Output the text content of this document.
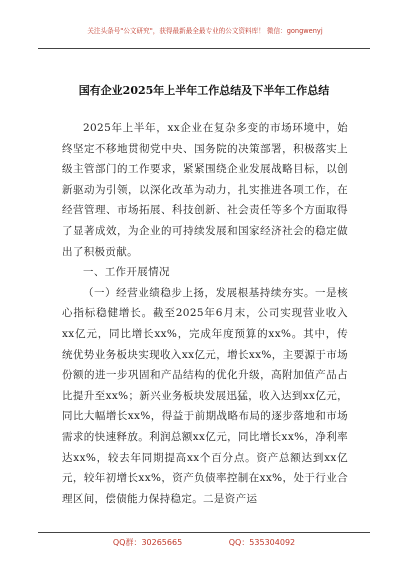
关注头条号"公文研究"，获得最新最全最专业的公文资料库！ 微信：gongwenyj
国有企业2025年上半年工作总结及下半年工作总结

2025年上半年，xx企业在复杂多变的市场环境中，始终坚定不移地贯彻党中央、国务院的决策部署，积极落实上级主管部门的工作要求，紧紧围绕企业发展战略目标，以创新驱动为引领，以深化改革为动力，扎实推进各项工作，在经营管理、市场拓展、科技创新、社会责任等多个方面取得了显著成效，为企业的可持续发展和国家经济社会的稳定做出了积极贡献。

一、工作开展情况

（一）经营业绩稳步上扬，发展根基持续夯实。一是核心指标稳健增长。截至2025年6月末，公司实现营业收入xx亿元，同比增长xx%，完成年度预算的xx%。其中，传统优势业务板块实现收入xx亿元，增长xx%，主要源于市场份额的进一步巩固和产品结构的优化升级，高附加值产品占比提升至xx%；新兴业务板块发展迅猛，收入达到xx亿元，同比大幅增长xx%，得益于前期战略布局的逐步落地和市场需求的快速释放。利润总额xx亿元，同比增长xx%，净利率达xx%，较去年同期提高xx个百分点。资产总额达到xx亿元，较年初增长xx%，资产负债率控制在xx%，处于行业合理区间，偿债能力保持稳定。二是资产运

QQ群：30265665	QQ：535304092
